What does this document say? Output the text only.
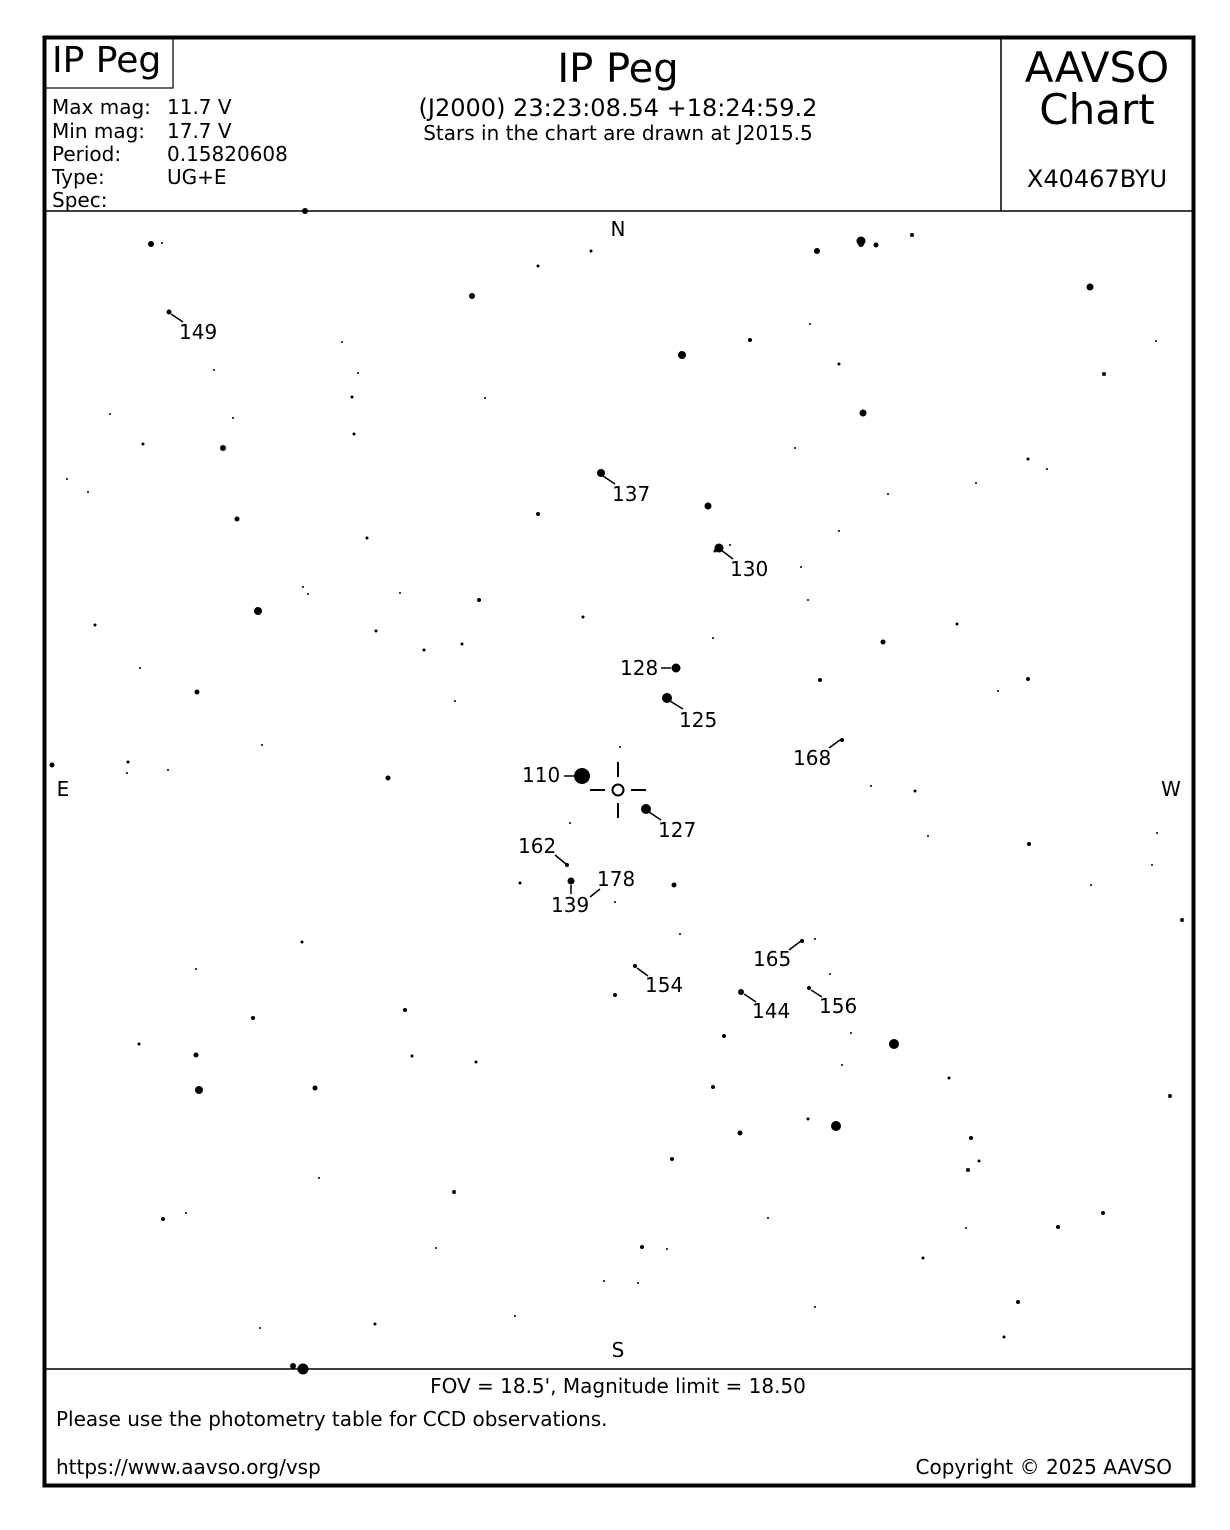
IP Peg	IP Peg
(J2000) 23:23:08.54 +18:24:59.2
Stars in the chart are drawn at J2015.5
AAVSO
Chart
X40467BYU
Max mag: 11.7 V
Min mag: 17.7 V
Period: 0.15820608
Type:	UG+E
Spec:
N
S
E	W
149
137
130
128
125
168
110
127
162
178
139
165
154
144 156
FOV = 18.5', Magnitude limit = 18.50
Please use the photometry table for CCD observations.
https://www.aavso.org/vsp	Copyright © 2025 AAVSO
